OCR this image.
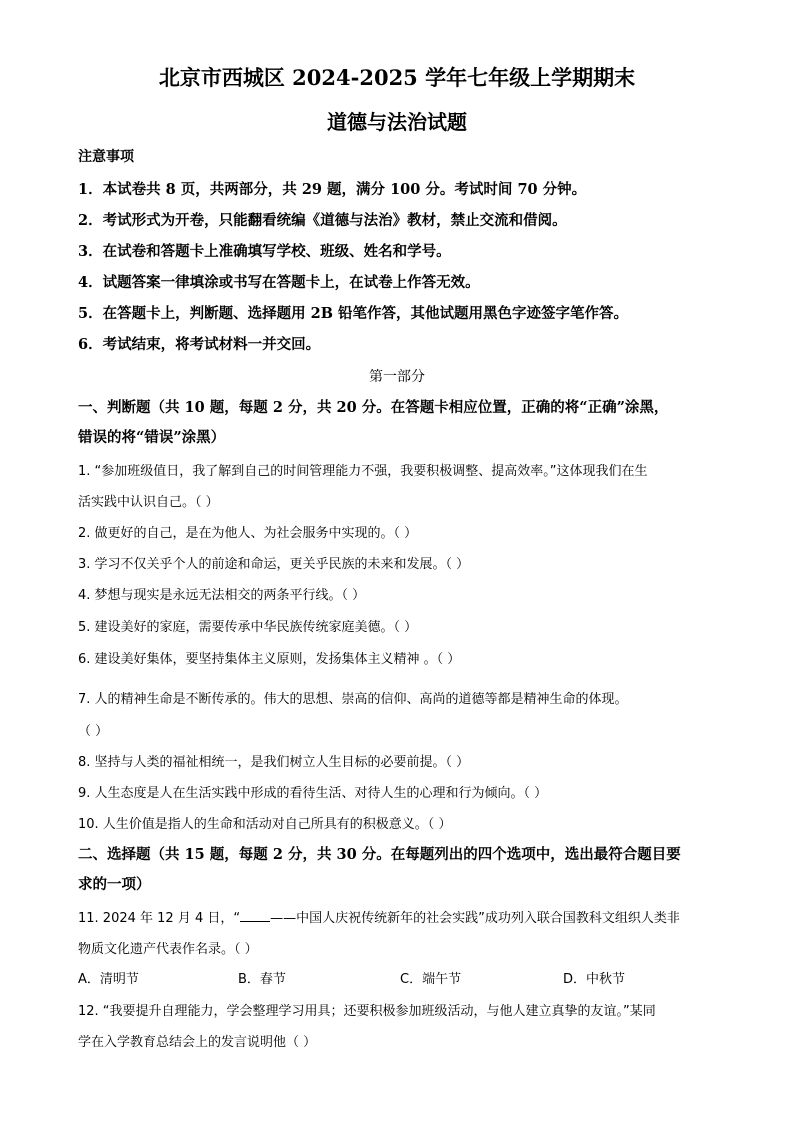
北京市西城区 2024-2025 学年七年级上学期期末
道德与法治试题
注意事项
1．本试卷共 8 页，共两部分，共 29 题，满分 100 分。考试时间 70 分钟。
2．考试形式为开卷，只能翻看统编《道德与法治》教材，禁止交流和借阅。
3．在试卷和答题卡上准确填写学校、班级、姓名和学号。
4．试题答案一律填涂或书写在答题卡上，在试卷上作答无效。
5．在答题卡上，判断题、选择题用 2B 铅笔作答，其他试题用黑色字迹签字笔作答。
6．考试结束，将考试材料一并交回。
第一部分
一、判断题（共 10 题，每题 2 分，共 20 分。在答题卡相应位置，正确的将“正确”涂黑，
错误的将“错误”涂黑）
1. “参加班级值日，我了解到自己的时间管理能力不强，我要积极调整、提高效率。”这体现我们在生
活实践中认识自己。（ ）
2. 做更好的自己，是在为他人、为社会服务中实现的。（ ）
3. 学习不仅关乎个人的前途和命运，更关乎民族的未来和发展。（ ）
4. 梦想与现实是永远无法相交的两条平行线。（ ）
5. 建设美好的家庭，需要传承中华民族传统家庭美德。（ ）
6. 建设美好集体，要坚持集体主义原则，发扬集体主义精神 。（ ）
7. 人的精神生命是不断传承的。伟大的思想、崇高的信仰、高尚的道德等都是精神生命的体现。
（ ）
8. 坚持与人类的福祉相统一，是我们树立人生目标的必要前提。（ ）
9. 人生态度是人在生活实践中形成的看待生活、对待人生的心理和行为倾向。（ ）
10. 人生价值是指人的生命和活动对自己所具有的积极意义。（ ）
二、选择题（共 15 题，每题 2 分，共 30 分。在每题列出的四个选项中，选出最符合题目要
求的一项）
11. 2024 年 12 月 4 日，“ ——中国人庆祝传统新年的社会实践”成功列入联合国教科文组织人类非
物质文化遗产代表作名录。（ ）
A．清明节	B．春节	C．端午节	D．中秋节
12. “我要提升自理能力，学会整理学习用具；还要积极参加班级活动，与他人建立真挚的友谊。”某同
学在入学教育总结会上的发言说明他（ ）
